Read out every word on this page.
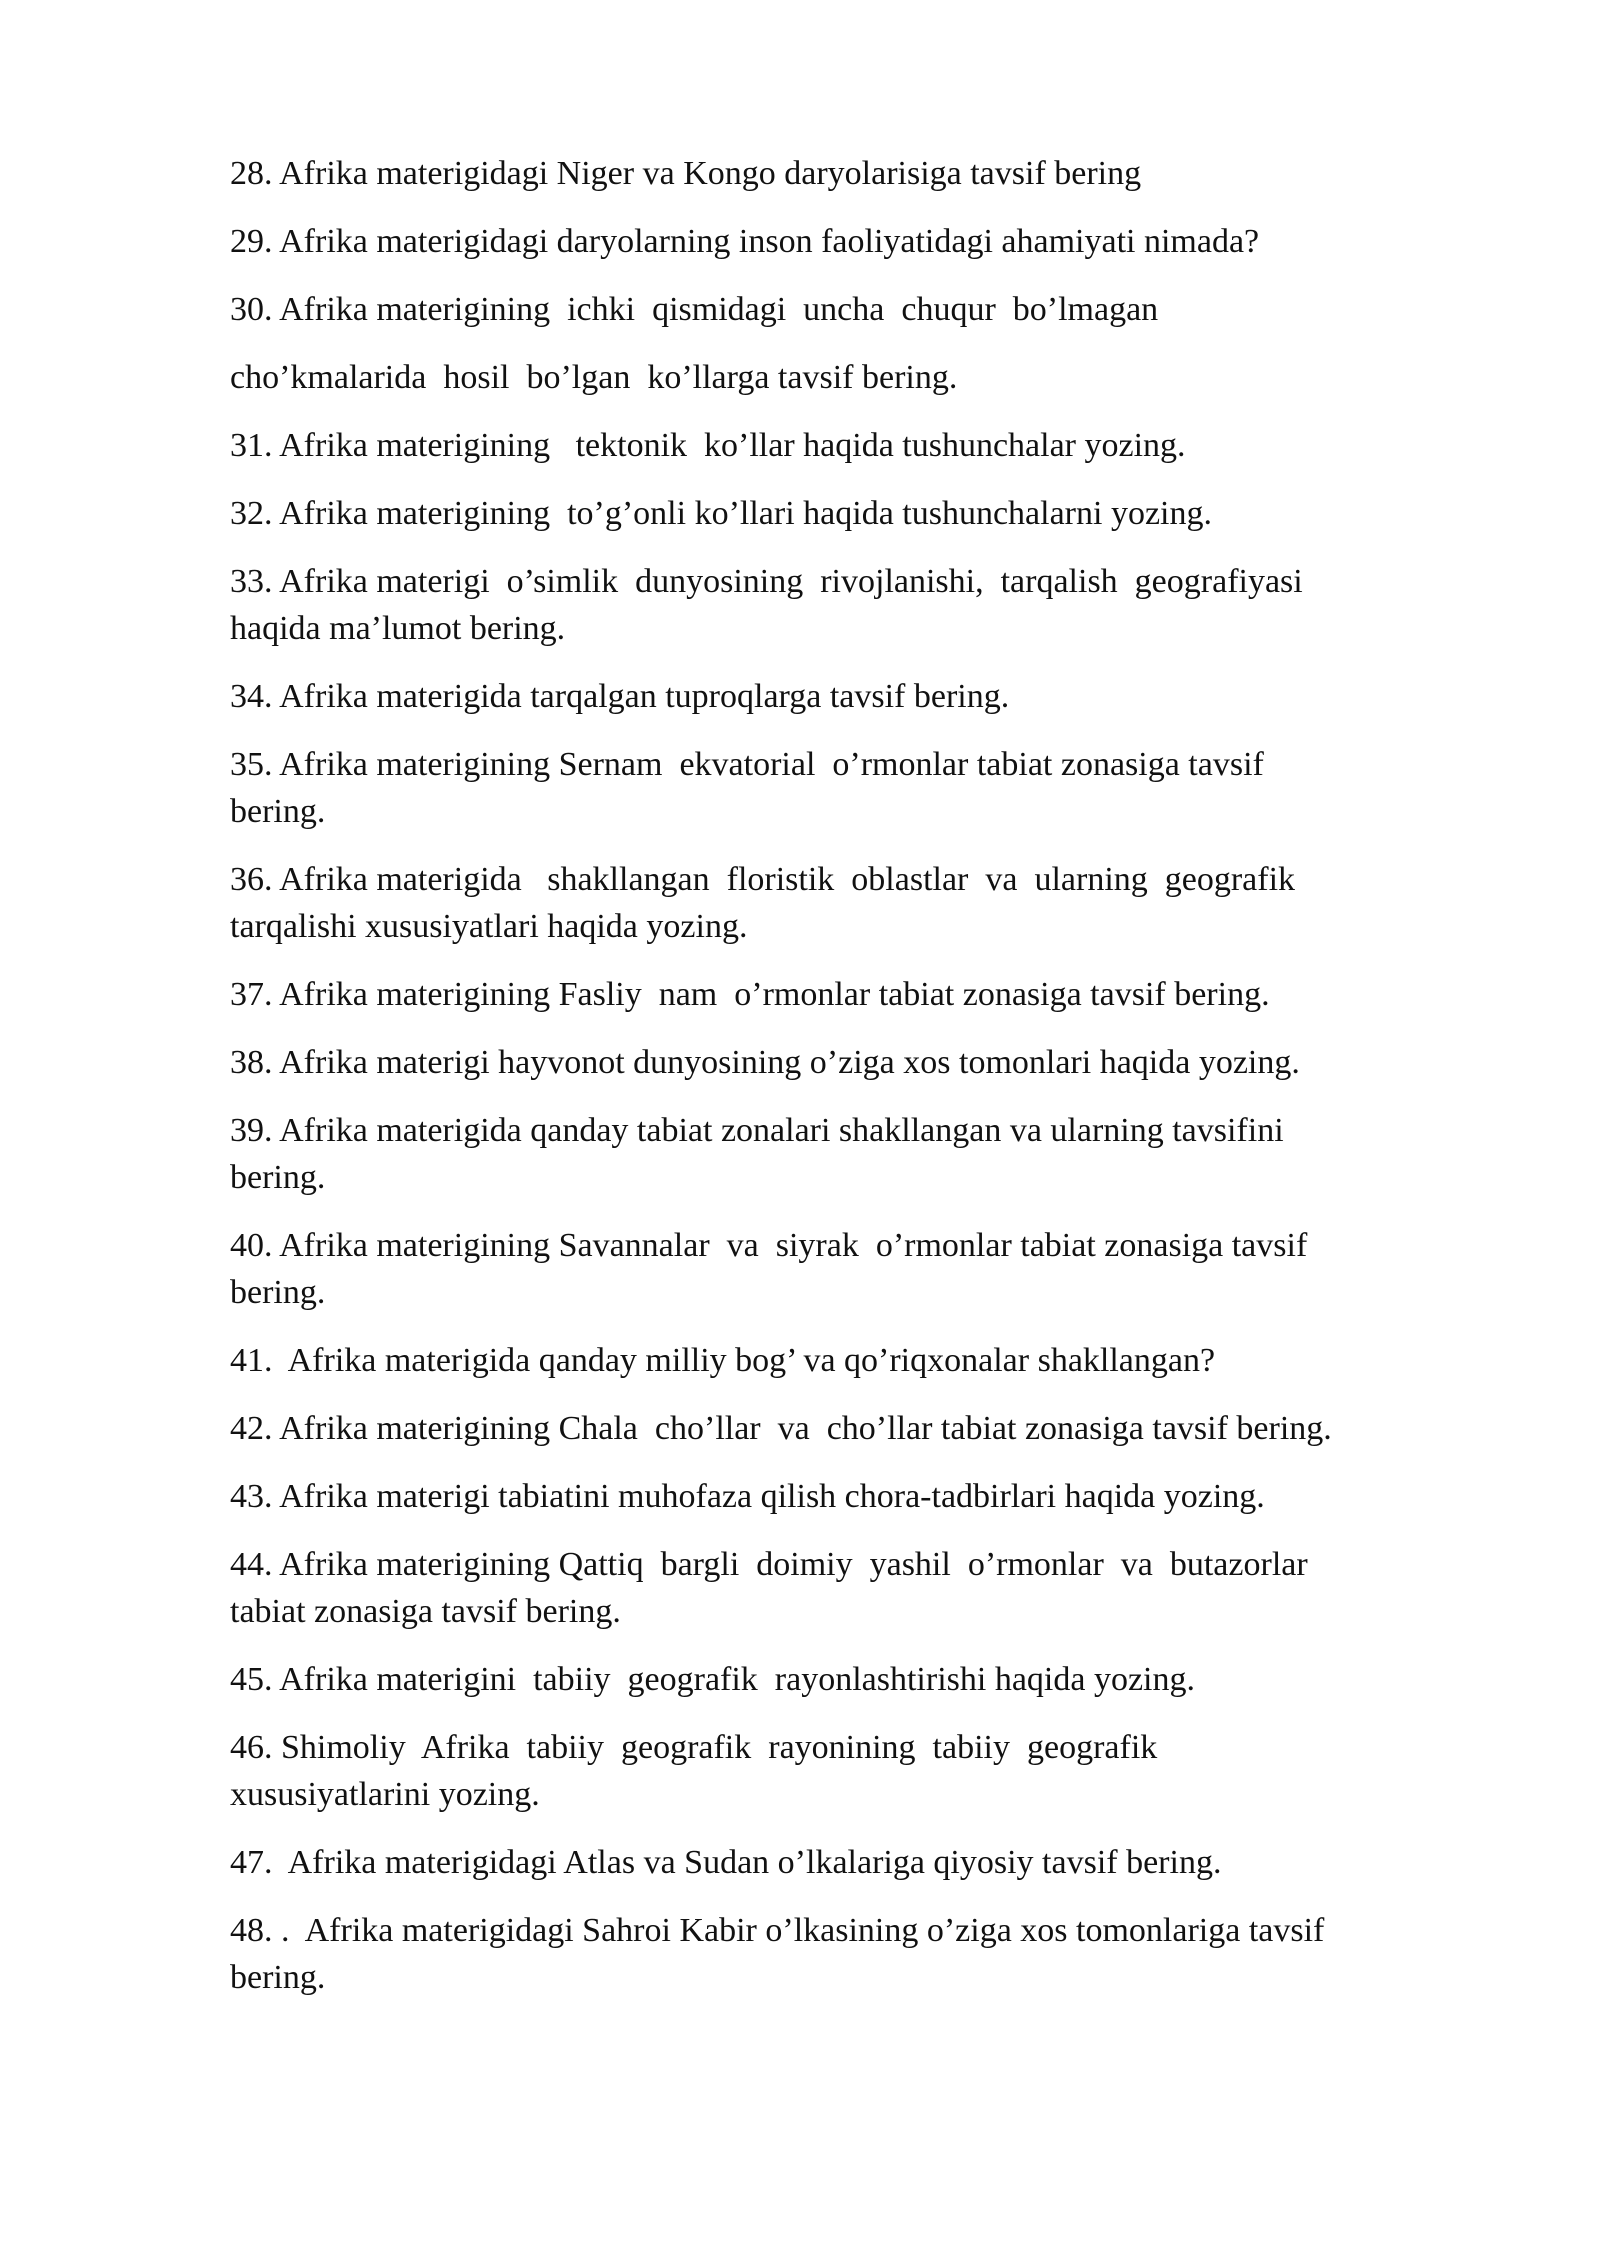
28. Afrika materigidagi Niger va Kongo daryolarisiga tavsif bering
29. Afrika materigidagi daryolarning inson faoliyatidagi ahamiyati nimada?
30. Afrika materigining  ichki  qismidagi  uncha  chuqur  bo’lmagan
cho’kmalarida  hosil  bo’lgan  ko’llarga tavsif bering.
31. Afrika materigining   tektonik  ko’llar haqida tushunchalar yozing.
32. Afrika materigining  to’g’onli ko’llari haqida tushunchalarni yozing.
33. Afrika materigi  o’simlik  dunyosining  rivojlanishi,  tarqalish  geografiyasi
haqida ma’lumot bering.
34. Afrika materigida tarqalgan tuproqlarga tavsif bering.
35. Afrika materigining Sernam  ekvatorial  o’rmonlar tabiat zonasiga tavsif
bering.
36. Afrika materigida   shakllangan  floristik  oblastlar  va  ularning  geografik
tarqalishi xususiyatlari haqida yozing.
37. Afrika materigining Fasliy  nam  o’rmonlar tabiat zonasiga tavsif bering.
38. Afrika materigi hayvonot dunyosining o’ziga xos tomonlari haqida yozing.
39. Afrika materigida qanday tabiat zonalari shakllangan va ularning tavsifini
bering.
40. Afrika materigining Savannalar  va  siyrak  o’rmonlar tabiat zonasiga tavsif
bering.
41.  Afrika materigida qanday milliy bog’ va qo’riqxonalar shakllangan?
42. Afrika materigining Chala  cho’llar  va  cho’llar tabiat zonasiga tavsif bering.
43. Afrika materigi tabiatini muhofaza qilish chora-tadbirlari haqida yozing.
44. Afrika materigining Qattiq  bargli  doimiy  yashil  o’rmonlar  va  butazorlar
tabiat zonasiga tavsif bering.
45. Afrika materigini  tabiiy  geografik  rayonlashtirishi haqida yozing.
46. Shimoliy  Afrika  tabiiy  geografik  rayonining  tabiiy  geografik
xususiyatlarini yozing.
47.  Afrika materigidagi Atlas va Sudan o’lkalariga qiyosiy tavsif bering.
48. .  Afrika materigidagi Sahroi Kabir o’lkasining o’ziga xos tomonlariga tavsif
bering.
